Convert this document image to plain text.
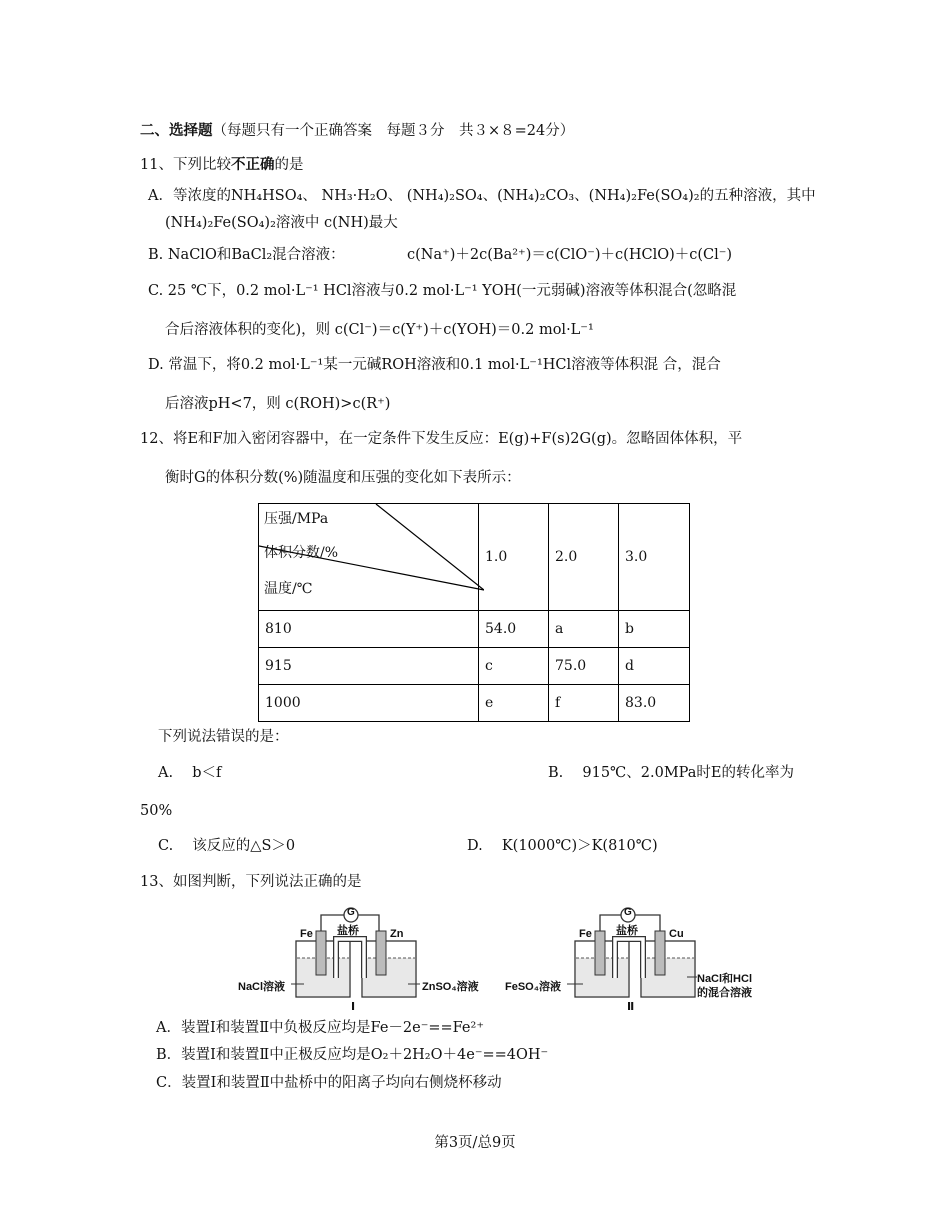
二、选择题（每题只有一个正确答案　每题３分　共３×８=24分）
11、下列比较不正确的是
A．等浓度的NH₄HSO₄、 NH₃·H₂O、 (NH₄)₂SO₄、(NH₄)₂CO₃、(NH₄)₂Fe(SO₄)₂的五种溶液，其中
(NH₄)₂Fe(SO₄)₂溶液中 c(NH)最大
B. NaClO和BaCl₂混合溶液：	c(Na⁺)＋2c(Ba²⁺)＝c(ClO⁻)＋c(HClO)＋c(Cl⁻)
C. 25 ℃下，0.2 mol·L⁻¹ HCl溶液与0.2 mol·L⁻¹ YOH(一元弱碱)溶液等体积混合(忽略混
合后溶液体积的变化)，则 c(Cl⁻)＝c(Y⁺)＋c(YOH)＝0.2 mol·L⁻¹
D. 常温下，将0.2 mol·L⁻¹某一元碱ROH溶液和0.1 mol·L⁻¹HCl溶液等体积混 合，混合
后溶液pH<7，则 c(ROH)>c(R⁺)
12、将E和F加入密闭容器中，在一定条件下发生反应：E(g)+F(s)2G(g)。忽略固体体积，平
衡时G的体积分数(%)随温度和压强的变化如下表所示：
压强/MPa
体积分数/%
温度/℃	1.0	2.0	3.0
810	54.0	a	b
915	c	75.0	d
1000	e	f	83.0
下列说法错误的是：
A.　 b＜f	B.　 915℃、2.0MPa时E的转化率为
50%
C.　 该反应的△S＞0	D.　 K(1000℃)＞K(810℃)
13、如图判断，下列说法正确的是
G
盐桥
Fe	Zn
NaCl溶液	ZnSO₄溶液
Ⅰ
G
盐桥
Fe	Cu
FeSO₄溶液
NaCl和HCl
的混合溶液
Ⅱ
A．装置Ⅰ和装置Ⅱ中负极反应均是Fe－2e⁻==Fe²⁺
B．装置Ⅰ和装置Ⅱ中正极反应均是O₂＋2H₂O＋4e⁻==4OH⁻
C．装置Ⅰ和装置Ⅱ中盐桥中的阳离子均向右侧烧杯移动
第3页/总9页
